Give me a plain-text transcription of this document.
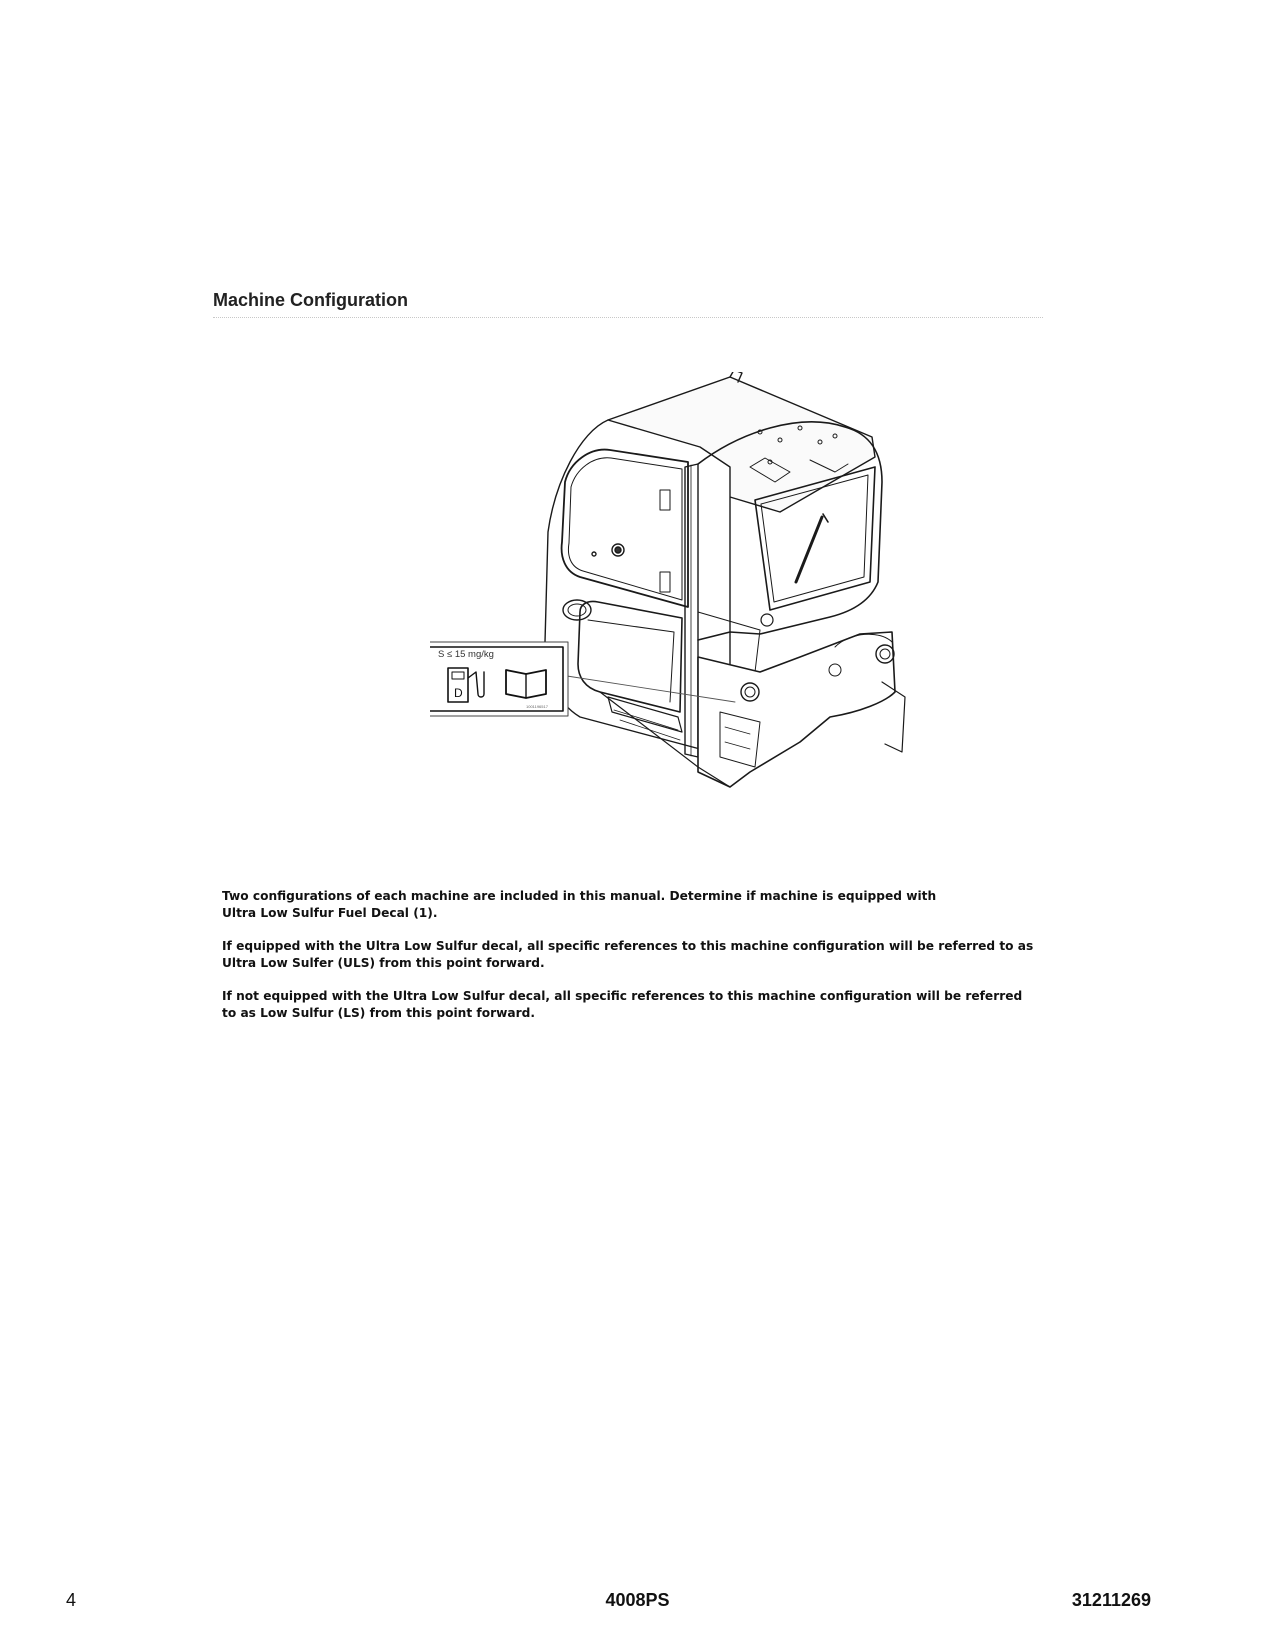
Machine Configuration
S ≤ 15 mg/kg
D
1001196517

Two configurations of each machine are included in this manual. Determine if machine is equipped with
Ultra Low Sulfur Fuel Decal (1).

If equipped with the Ultra Low Sulfur decal, all specific references to this machine configuration will be referred to as
Ultra Low Sulfer (ULS) from this point forward.

If not equipped with the Ultra Low Sulfur decal, all specific references to this machine configuration will be referred
to as Low Sulfur (LS) from this point forward.

4	4008PS	31211269
